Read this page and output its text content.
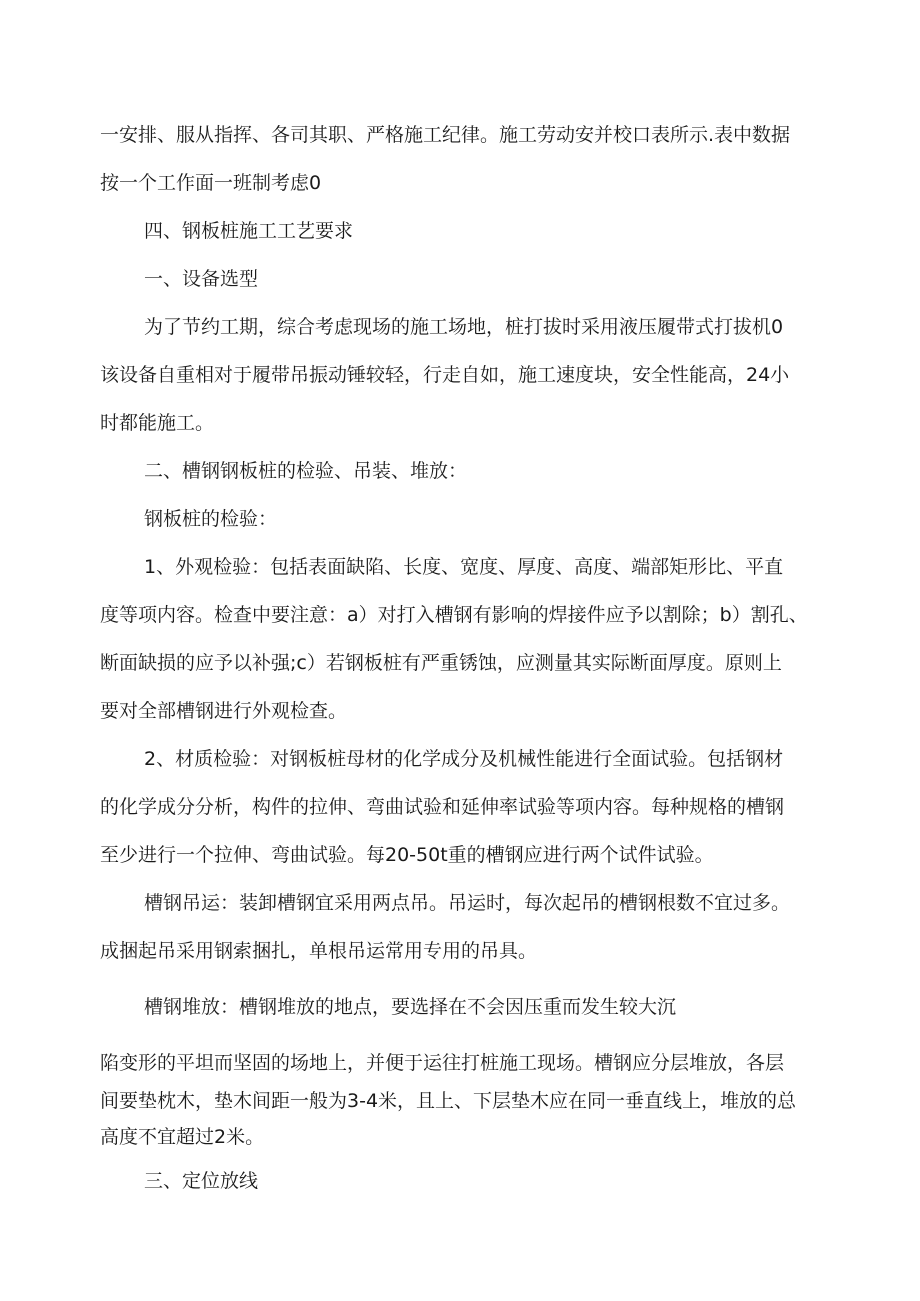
一安排、服从指挥、各司其职、严格施工纪律。施工劳动安并校口表所示.表中数据
按一个工作面一班制考虑0
四、钢板桩施工工艺要求
一、设备选型
为了节约工期，综合考虑现场的施工场地，桩打拔时采用液压履带式打拔机0
该设备自重相对于履带吊振动锤较轻，行走自如，施工速度块，安全性能高，24小
时都能施工。
二、槽钢钢板桩的检验、吊装、堆放：
钢板桩的检验：
1、外观检验：包括表面缺陷、长度、宽度、厚度、高度、端部矩形比、平直
度等项内容。检查中要注意：a）对打入槽钢有影响的焊接件应予以割除；b）割孔、
断面缺损的应予以补强;c）若钢板桩有严重锈蚀，应测量其实际断面厚度。原则上
要对全部槽钢进行外观检查。
2、材质检验：对钢板桩母材的化学成分及机械性能进行全面试验。包括钢材
的化学成分分析，构件的拉伸、弯曲试验和延伸率试验等项内容。每种规格的槽钢
至少进行一个拉伸、弯曲试验。每20-50t重的槽钢应进行两个试件试验。
槽钢吊运：装卸槽钢宜采用两点吊。吊运时，每次起吊的槽钢根数不宜过多。
成捆起吊采用钢索捆扎，单根吊运常用专用的吊具。
槽钢堆放：槽钢堆放的地点，要选择在不会因压重而发生较大沉
陷变形的平坦而坚固的场地上，并便于运往打桩施工现场。槽钢应分层堆放，各层
间要垫枕木，垫木间距一般为3-4米，且上、下层垫木应在同一垂直线上，堆放的总
高度不宜超过2米。
三、定位放线
